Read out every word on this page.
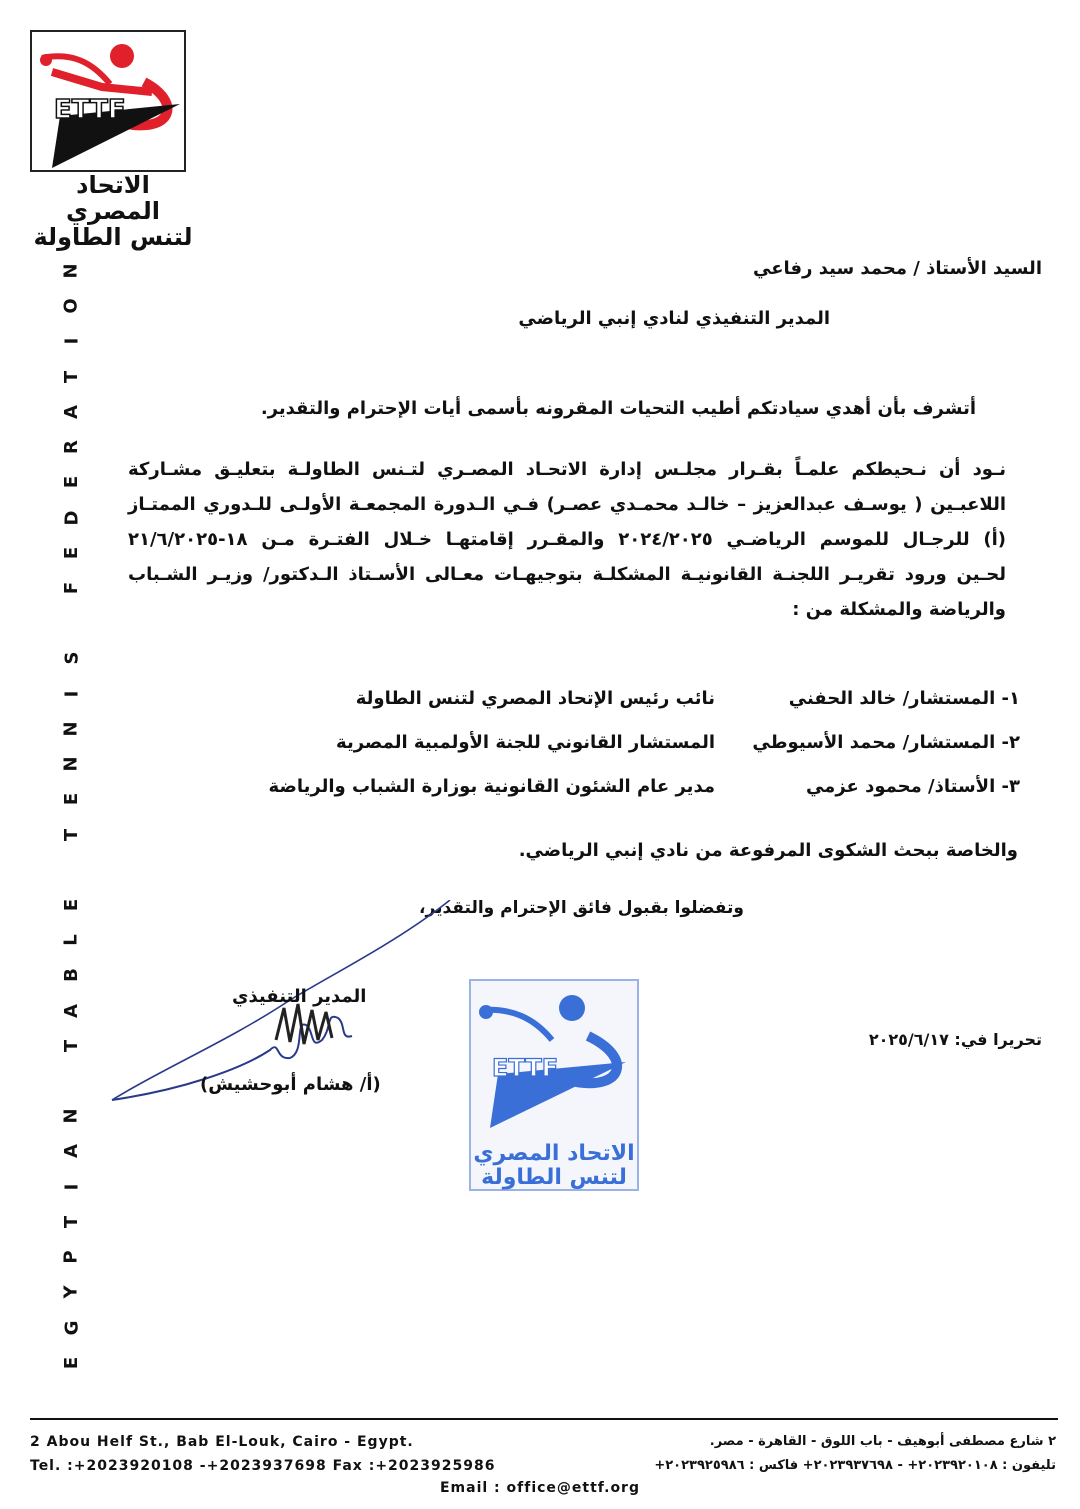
ETTF
الاتحاد المصري
لتنس الطاولة
N
O
I
T
A
R
E
D
E
F

S
I
N
N
E
T

E
L
B
A
T

N
A
I
T
P
Y
G
E
السيد الأستاذ / محمد سيد رفاعي
المدير التنفيذي لنادي إنبي الرياضي
أتشرف بأن أهدي سيادتكم أطيب التحيات المقرونه بأسمى أيات الإحترام والتقدير.
نـود أن نـحيطكم علمـاً بقـرار مجلـس إدارة الاتحـاد المصـري لتـنس الطاولـة بتعليـق مشـاركة
اللاعبـين ( يوسـف عبدالعزيز – خالـد محمـدي عصـر) فـي الـدورة المجمعـة الأولـى للـدوري الممتـاز
(أ) للرجـال للموسم الرياضـي ٢٠٢٤/٢٠٢٥ والمقـرر إقامتهـا خـلال الفتـرة مـن ١٨-٢١/٦/٢٠٢٥
لحـين ورود تقريـر اللجنـة القانونيـة المشكلـة بتوجيهـات معـالى الأسـتاذ الـدكتور/ وزيـر الشـباب
والرياضة والمشكلة من :
١- المستشار/ خالد الحفني
نائب رئيس الإتحاد المصري لتنس الطاولة
٢- المستشار/ محمد الأسيوطي
المستشار القانوني للجنة الأولمبية المصرية
٣- الأستاذ/ محمود عزمي
مدير عام الشئون القانونية بوزارة الشباب والرياضة
والخاصة ببحث الشكوى المرفوعة من نادي إنبي الرياضي.
وتفضلوا بقبول فائق الإحترام والتقدير،
المدير التنفيذي
(أ/ هشام أبوحشيش)
تحريرا في: ٢٠٢٥/٦/١٧
ETTF
الاتحاد المصري
لتنس الطاولة
2 Abou Helf St., Bab El-Louk, Cairo - Egypt.
Tel. :+2023920108 -+2023937698 Fax :+2023925986
Email : office@ettf.org
٢ شارع مصطفى أبوهيف - باب اللوق - القاهرة - مصر.
تليفون : ٢٠٢٣٩٢٠١٠٨+ - ٢٠٢٣٩٣٧٦٩٨+ فاكس : ٢٠٢٣٩٢٥٩٨٦+
